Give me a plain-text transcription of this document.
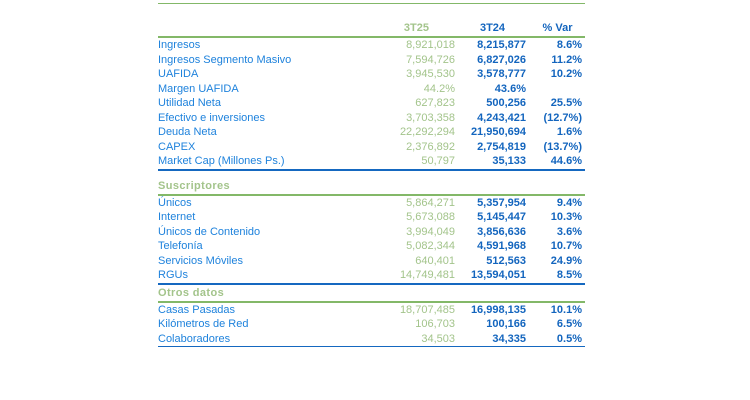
3T25	3T24	% Var
Ingresos	8,921,018	8,215,877	8.6%
Ingresos Segmento Masivo	7,594,726	6,827,026	11.2%
UAFIDA	3,945,530	3,578,777	10.2%
Margen UAFIDA	44.2%	43.6%
Utilidad Neta	627,823	500,256	25.5%
Efectivo e inversiones	3,703,358	4,243,421	(12.7%)
Deuda Neta	22,292,294	21,950,694	1.6%
CAPEX	2,376,892	2,754,819	(13.7%)
Market Cap (Millones Ps.)	50,797	35,133	44.6%
Suscriptores
Únicos	5,864,271	5,357,954	9.4%
Internet	5,673,088	5,145,447	10.3%
Únicos de Contenido	3,994,049	3,856,636	3.6%
Telefonía	5,082,344	4,591,968	10.7%
Servicios Móviles	640,401	512,563	24.9%
RGUs	14,749,481	13,594,051	8.5%
Otros datos
Casas Pasadas	18,707,485	16,998,135	10.1%
Kilómetros de Red	106,703	100,166	6.5%
Colaboradores	34,503	34,335	0.5%
